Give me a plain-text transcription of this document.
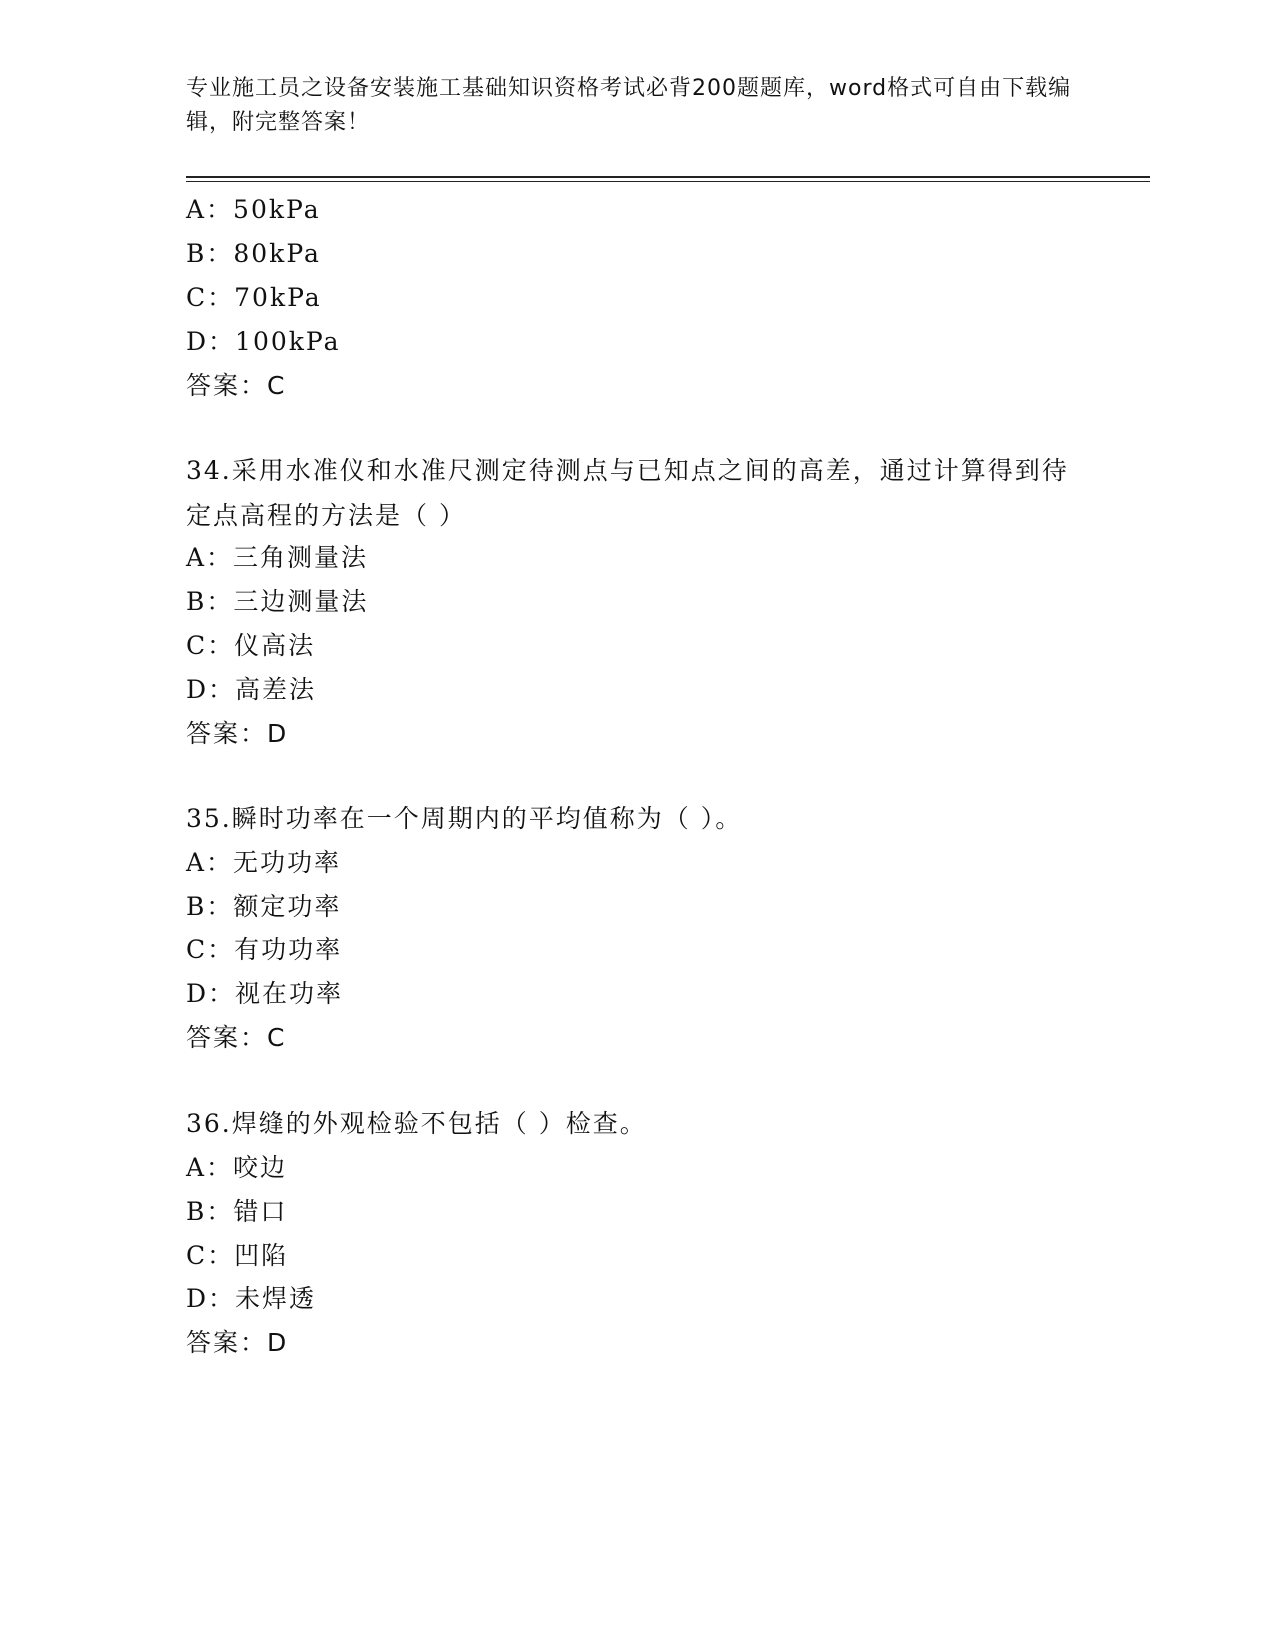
专业施工员之设备安装施工基础知识资格考试必背200题题库，word格式可自由下载编辑，附完整答案！
A：50kPa
B：80kPa
C：70kPa
D：100kPa
答案：C
34.采用水准仪和水准尺测定待测点与已知点之间的高差，通过计算得到待定点高程的方法是（ ）
A：三角测量法
B：三边测量法
C：仪高法
D：高差法
答案：D
35.瞬时功率在一个周期内的平均值称为（ ）。
A：无功功率
B：额定功率
C：有功功率
D：视在功率
答案：C
36.焊缝的外观检验不包括（ ）检查。
A：咬边
B：错口
C：凹陷
D：未焊透
答案：D
